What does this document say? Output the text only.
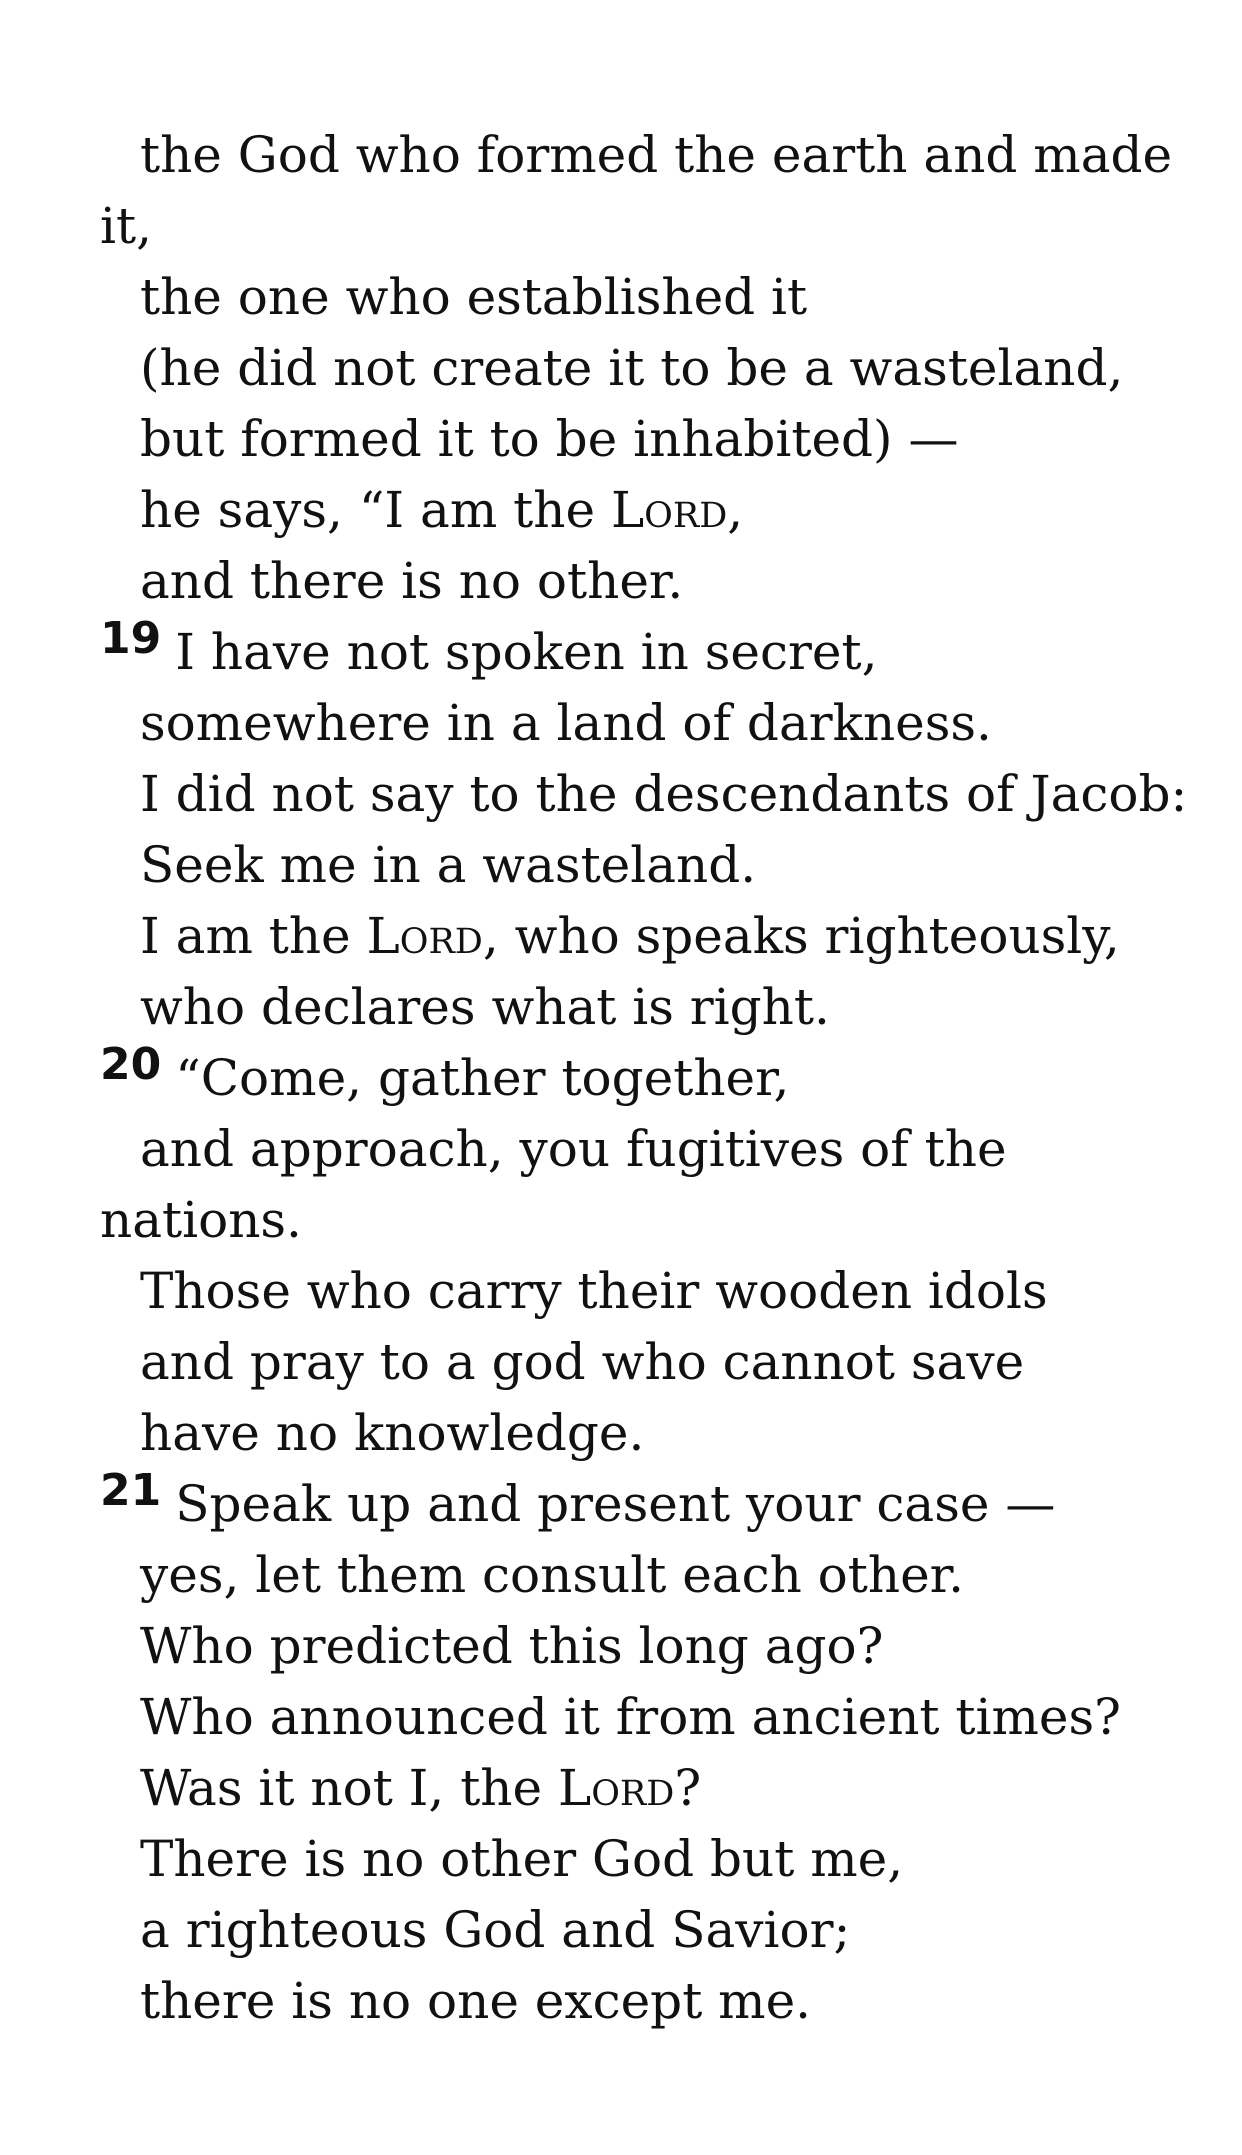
the God who formed the earth and made
it,
the one who established it
(he did not create it to be a wasteland,
but formed it to be inhabited) —
he says, “I am the Lord,
and there is no other.
19 I have not spoken in secret,
somewhere in a land of darkness.
I did not say to the descendants of Jacob:
Seek me in a wasteland.
I am the Lord, who speaks righteously,
who declares what is right.
20 “Come, gather together,
and approach, you fugitives of the
nations.
Those who carry their wooden idols
and pray to a god who cannot save
have no knowledge.
21 Speak up and present your case —
yes, let them consult each other.
Who predicted this long ago?
Who announced it from ancient times?
Was it not I, the Lord?
There is no other God but me,
a righteous God and Savior;
there is no one except me.
